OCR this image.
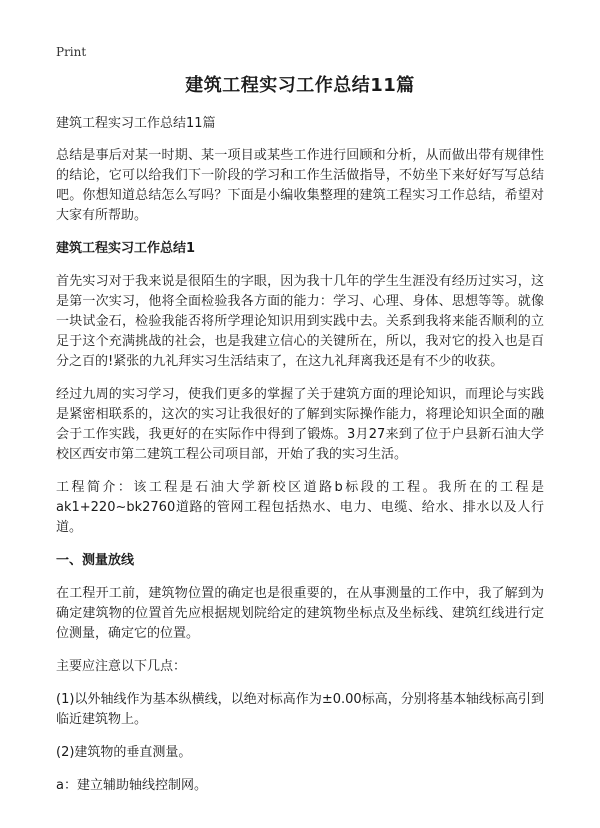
Print
建筑工程实习工作总结11篇
建筑工程实习工作总结11篇

总结是事后对某一时期、某一项目或某些工作进行回顾和分析，从而做出带有规律性的结论，它可以给我们下一阶段的学习和工作生活做指导，不妨坐下来好好写写总结吧。你想知道总结怎么写吗？下面是小编收集整理的建筑工程实习工作总结，希望对大家有所帮助。

建筑工程实习工作总结1

首先实习对于我来说是很陌生的字眼，因为我十几年的学生生涯没有经历过实习，这是第一次实习，他将全面检验我各方面的能力：学习、心理、身体、思想等等。就像一块试金石，检验我能否将所学理论知识用到实践中去。关系到我将来能否顺利的立足于这个充满挑战的社会，也是我建立信心的关键所在，所以，我对它的投入也是百分之百的!紧张的九礼拜实习生活结束了，在这九礼拜离我还是有不少的收获。

经过九周的实习学习，使我们更多的掌握了关于建筑方面的理论知识，而理论与实践是紧密相联系的，这次的实习让我很好的了解到实际操作能力，将理论知识全面的融会于工作实践，我更好的在实际作中得到了锻炼。3月27来到了位于户县新石油大学校区西安市第二建筑工程公司项目部，开始了我的实习生活。

工程简介：该工程是石油大学新校区道路b标段的工程。我所在的工程是ak1+220~bk2760道路的管网工程包括热水、电力、电缆、给水、排水以及人行道。

一、测量放线

在工程开工前，建筑物位置的确定也是很重要的，在从事测量的工作中，我了解到为确定建筑物的位置首先应根据规划院给定的建筑物坐标点及坐标线、建筑红线进行定位测量，确定它的位置。

主要应注意以下几点：

(1)以外轴线作为基本纵横线，以绝对标高作为±0.00标高，分别将基本轴线标高引到临近建筑物上。

(2)建筑物的垂直测量。

a：建立辅助轴线控制网。
